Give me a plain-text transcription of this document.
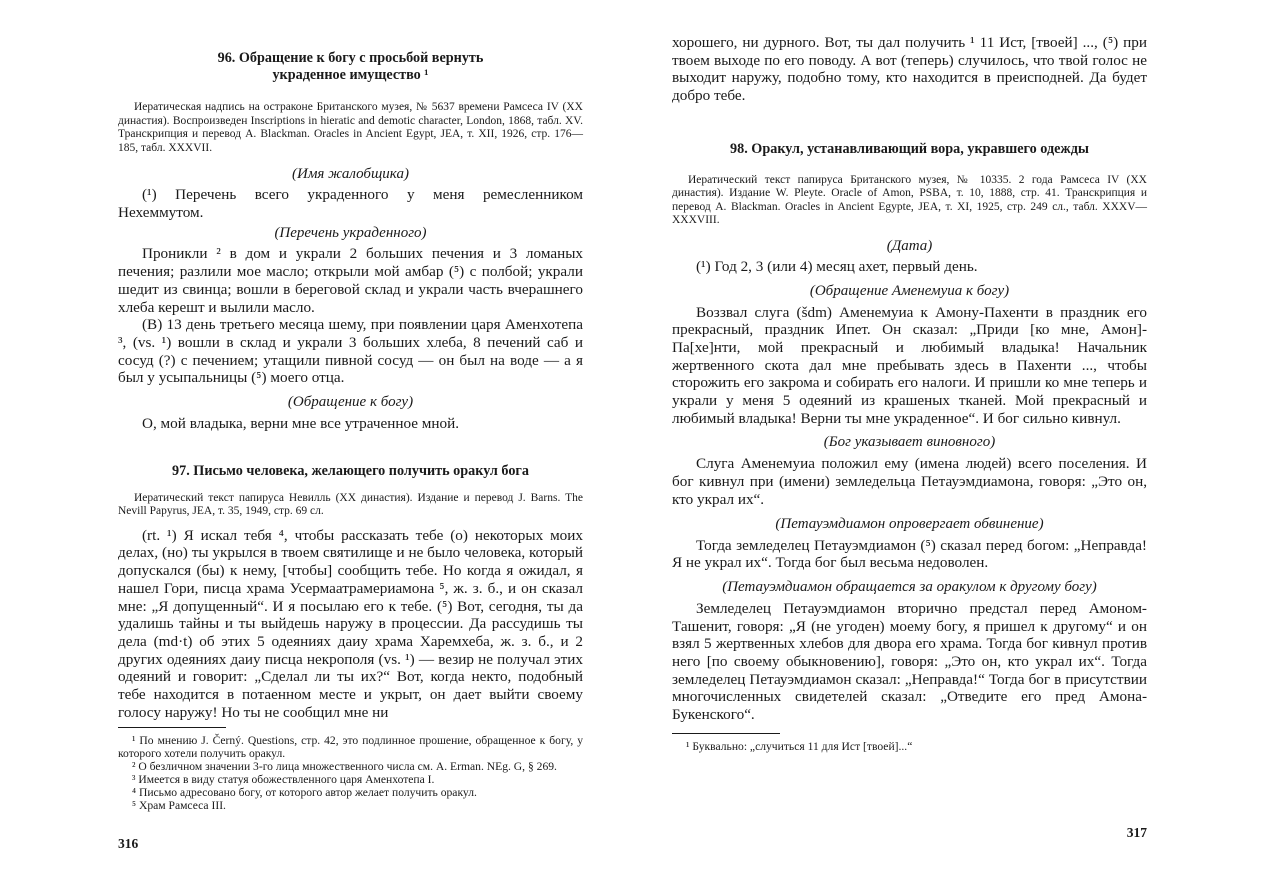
96. Обращение к богу с просьбой вернуть

украденное имущество ¹

Иератическая надпись на остраконе Британского музея, № 5637 времени Рамсеса IV (XX династия). Воспроизведен Inscriptions in hieratic and demotic character, London, 1868, табл. XV. Транскрипция и перевод A. Blackman. Oracles in Ancient Egypt, JEA, т. XII, 1926, стр. 176—185, табл. XXXVII.

(Имя жалобщика)

(¹) Перечень всего украденного у меня ремесленником Нехеммутом.

(Перечень украденного)

Проникли ² в дом и украли 2 больших печения и 3 ломаных печения; разлили мое масло; открыли мой амбар (⁵) с полбой; украли шедит из свинца; вошли в береговой склад и украли часть вчерашнего хлеба керешт и вылили масло.

(В) 13 день третьего месяца шему, при появлении царя Аменхотепа ³, (vs. ¹) вошли в склад и украли 3 больших хлеба, 8 печений саб и сосуд (?) с печением; утащили пивной сосуд — он был на воде — а я был у усыпальницы (⁵) моего отца.

(Обращение к богу)

О, мой владыка, верни мне все утраченное мной.

97. Письмо человека, желающего получить оракул бога

Иератический текст папируса Невилль (XX династия). Издание и перевод J. Barns. The Nevill Papyrus, JEA, т. 35, 1949, стр. 69 сл.

(rt. ¹) Я искал тебя ⁴, чтобы рассказать тебе (о) некоторых моих делах, (но) ты укрылся в твоем святилище и не было человека, который допускался (бы) к нему, [чтобы] сообщить тебе. Но когда я ожидал, я нашел Гори, писца храма Усермаатрамериамона ⁵, ж. з. б., и он сказал мне: „Я допущенный“. И я посылаю его к тебе. (⁵) Вот, сегодня, ты да удалишь тайны и ты выйдешь наружу в процессии. Да рассудишь ты дела (md·t) об этих 5 одеяниях даиу храма Харемхеба, ж. з. б., и 2 других одеяниях даиу писца некрополя (vs. ¹) — везир не получал этих одеяний и говорит: „Сделал ли ты их?“ Вот, когда некто, подобный тебе находится в потаенном месте и укрыт, он дает выйти своему голосу наружу! Но ты не сообщил мне ни

¹ По мнению J. Černý. Questions, стр. 42, это подлинное прошение, обращенное к богу, у которого хотели получить оракул.

² О безличном значении 3-го лица множественного числа см. A. Erman. NEg. G, § 269.

³ Имеется в виду статуя обожествленного царя Аменхотепа I.

⁴ Письмо адресовано богу, от которого автор желает получить оракул.

⁵ Храм Рамсеса III.

316

хорошего, ни дурного. Вот, ты дал получить ¹ 11 Ист, [твоей] ..., (⁵) при твоем выходе по его поводу. А вот (теперь) случилось, что твой голос не выходит наружу, подобно тому, кто находится в преисподней. Да будет добро тебе.

98. Оракул, устанавливающий вора, укравшего одежды

Иератический текст папируса Британского музея, № 10335. 2 года Рамсеса IV (XX династия). Издание W. Pleyte. Oracle of Amon, PSBA, т. 10, 1888, стр. 41. Транскрипция и перевод A. Blackman. Oracles in Ancient Egypte, JEA, т. XI, 1925, стр. 249 сл., табл. XXXV—XXXVIII.

(Дата)

(¹) Год 2, 3 (или 4) месяц ахет, первый день.

(Обращение Аменемуиа к богу)

Воззвал слуга (šdm) Аменемуиа к Амону-Пахенти в праздник его прекрасный, праздник Ипет. Он сказал: „Приди [ко мне, Амон]-Па[хе]нти, мой прекрасный и любимый владыка! Начальник жертвенного скота дал мне пребывать здесь в Пахенти ..., чтобы сторожить его закрома и собирать его налоги. И пришли ко мне теперь и украли у меня 5 одеяний из крашеных тканей. Мой прекрасный и любимый владыка! Верни ты мне украденное“. И бог сильно кивнул.

(Бог указывает виновного)

Слуга Аменемуиа положил ему (имена людей) всего поселения. И бог кивнул при (имени) земледельца Петауэмдиамона, говоря: „Это он, кто украл их“.

(Петауэмдиамон опровергает обвинение)

Тогда земледелец Петауэмдиамон (⁵) сказал перед богом: „Неправда! Я не украл их“. Тогда бог был весьма недоволен.

(Петауэмдиамон обращается за оракулом к другому богу)

Земледелец Петауэмдиамон вторично предстал перед Амоном-Ташенит, говоря: „Я (не угоден) моему богу, я пришел к другому“ и он взял 5 жертвенных хлебов для двора его храма. Тогда бог кивнул против него [по своему обыкновению], говоря: „Это он, кто украл их“. Тогда земледелец Петауэмдиамон сказал: „Неправда!“ Тогда бог в присутствии многочисленных свидетелей сказал: „Отведите его пред Амона-Букенского“.

¹ Буквально: „случиться 11 для Ист [твоей]...“

317
